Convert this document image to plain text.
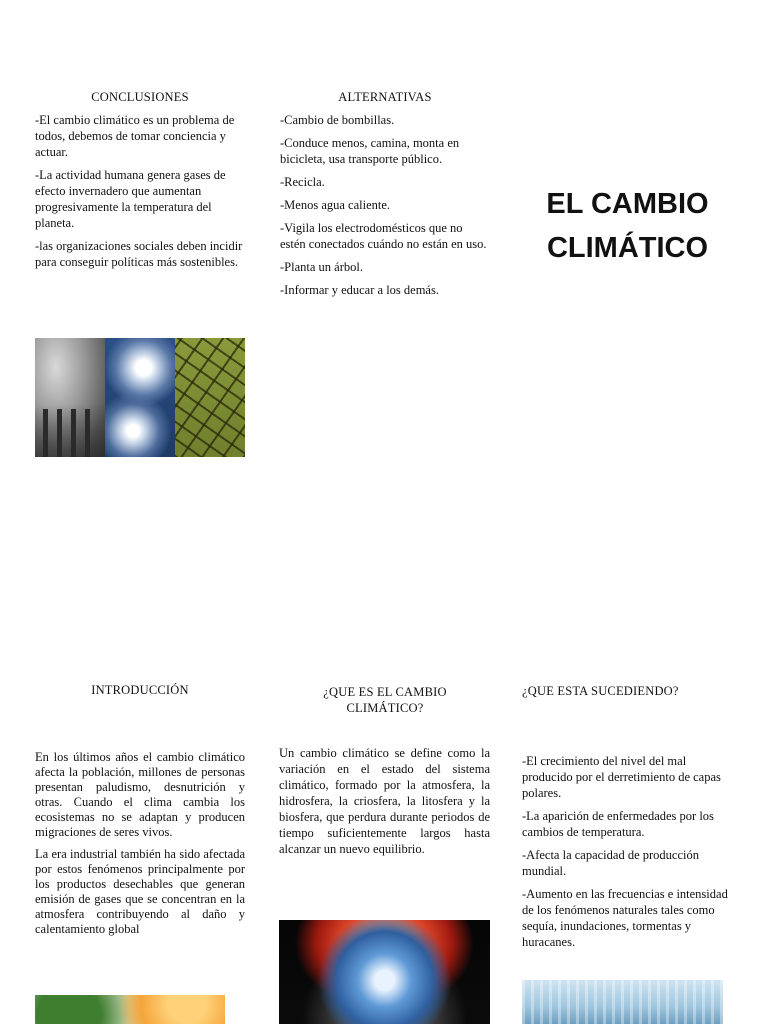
CONCLUSIONES

-El cambio climático es un problema de todos, debemos de tomar conciencia y actuar.

-La actividad humana genera gases de efecto invernadero que aumentan progresivamente la temperatura del planeta.

-las organizaciones sociales deben incidir para conseguir políticas más sostenibles.

ALTERNATIVAS

-Cambio de bombillas.

-Conduce menos, camina, monta en bicicleta, usa transporte público.

-Recicla.

-Menos agua caliente.

-Vigila los electrodomésticos que no estén conectados cuándo no están en uso.

-Planta un árbol.

-Informar y educar a los demás.

EL CAMBIO
CLIMÁTICO
INTRODUCCIÓN

En los últimos años el cambio climático afecta la población, millones de personas presentan paludismo, desnutrición y otras. Cuando el clima cambia los ecosistemas no se adaptan y producen migraciones de seres vivos.

La era industrial también ha sido afectada por estos fenómenos principalmente por los productos desechables que generan emisión de gases que se concentran en la atmosfera contribuyendo al daño y calentamiento global

¿QUE ES EL CAMBIO CLIMÁTICO?

Un cambio climático se define como la variación en el estado del sistema climático, formado por la atmosfera, la hidrosfera, la criosfera, la litosfera y la biosfera, que perdura durante periodos de tiempo suficientemente largos hasta alcanzar un nuevo equilibrio.

¿QUE ESTA SUCEDIENDO?

-El crecimiento del nivel del mal producido por el derretimiento de capas polares.

-La aparición de enfermedades por los cambios de temperatura.

-Afecta la capacidad de producción mundial.

-Aumento en las frecuencias e intensidad de los fenómenos naturales tales como sequía, inundaciones, tormentas y huracanes.
